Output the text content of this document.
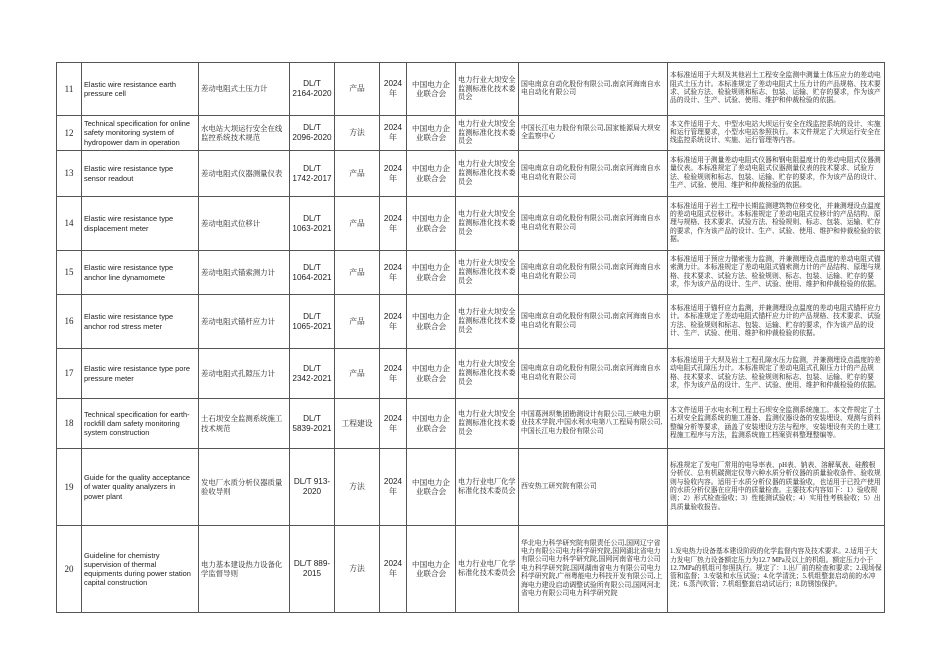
11	Elastic wire resistance earth pressure cell	差动电阻式土压力计	DL/T 2164-2020	产品	2024年	中国电力企业联合会	电力行业大坝安全监测标准化技术委员会	国电南京自动化股份有限公司,南京河海南自水电自动化有限公司	本标准适用于大坝及其他岩土工程安全监测中测量土体压应力的差动电阻式土压力计。本标准规定了差动电阻式土压力计的产品规格、技术要求、试验方法、检验规则和标志、包装、运输、贮存的要求，作为该产品的设计、生产、试验、使用、维护和仲裁检验的依据。
12	Technical specification for online safety monitoring system of hydropower dam in operation	水电站大坝运行安全在线监控系统技术规范	DL/T 2096-2020	方法	2024年	中国电力企业联合会	电力行业大坝安全监测标准化技术委员会	中国长江电力股份有限公司,国家能源局大坝安全监察中心	本文件适用于大、中型水电站大坝运行安全在线监控系统的设计、实施和运行管理要求，小型水电站参照执行。本文件规定了大坝运行安全在线监控系统设计、实施、运行管理等内容。
13	Elastic wire resistance type sensor readout	差动电阻式仪器测量仪表	DL/T 1742-2017	产品	2024年	中国电力企业联合会	电力行业大坝安全监测标准化技术委员会	国电南京自动化股份有限公司,南京河海南自水电自动化有限公司	本标准适用于测量差动电阻式仪器和钢电阻温度计的差动电阻式仪器测量仪表。本标准规定了差动电阻式仪器测量仪表的技术要求、试验方法、检验规则和标志、包装、运输、贮存的要求，作为该产品的设计、生产、试验、使用、维护和仲裁检验的依据。
14	Elastic wire resistance type displacement meter	差动电阻式位移计	DL/T 1063-2021	产品	2024年	中国电力企业联合会	电力行业大坝安全监测标准化技术委员会	国电南京自动化股份有限公司,南京河海南自水电自动化有限公司	本标准适用于岩土工程中长期监测建筑物位移变化，并兼测埋设点温度的差动电阻式位移计。本标准规定了差动电阻式位移计的产品结构、原理与规格、技术要求、试验方法、检验规则、标志、包装、运输、贮存的要求，作为该产品的设计、生产、试验、使用、维护和仲裁检验的依据。
15	Elastic wire resistance type anchor line dynamomete	差动电阻式锚索测力计	DL/T 1064-2021	产品	2024年	中国电力企业联合会	电力行业大坝安全监测标准化技术委员会	国电南京自动化股份有限公司,南京河海南自水电自动化有限公司	本标准适用于预应力锚索张力监测，并兼测埋设点温度的差动电阻式锚索测力计。本标准规定了差动电阻式锚索测力计的产品结构、原理与规格、技术要求、试验方法、检验规则、标志、包装、运输、贮存的要求，作为该产品的设计、生产、试验、使用、维护和仲裁检验的依据。
16	Elastic wire resistance type anchor rod stress meter	差动电阻式锚杆应力计	DL/T 1065-2021	产品	2024年	中国电力企业联合会	电力行业大坝安全监测标准化技术委员会	国电南京自动化股份有限公司,南京河海南自水电自动化有限公司	本标准适用于锚杆应力监测，并兼测埋设点温度的差动电阻式锚杆应力计。本标准规定了差动电阻式锚杆应力计的产品规格、技术要求、试验方法、检验规则和标志、包装、运输、贮存的要求，作为该产品的设计、生产、试验、使用、维护和仲裁检验的依据。
17	Elastic wire resistance type pore pressure meter	差动电阻式孔隙压力计	DL/T 2342-2021	产品	2024年	中国电力企业联合会	电力行业大坝安全监测标准化技术委员会	国电南京自动化股份有限公司,南京河海南自水电自动化有限公司	本标准适用于大坝及岩土工程孔隙水压力监测，并兼测埋设点温度的差动电阻式孔隙压力计。本标准规定了差动电阻式孔隙压力计的产品规格、技术要求、试验方法、检验规则和标志、包装、运输、贮存的要求，作为该产品的设计、生产、试验、使用、维护和仲裁检验的依据。
18	Technical specification for earth-rockfill dam safety monitoring system construction	土石坝安全监测系统施工技术规范	DL/T 5839-2021	工程建设	2024年	中国电力企业联合会	电力行业大坝安全监测标准化技术委员会	中国葛洲坝集团勘测设计有限公司,三峡电力职业技术学院,中国水利水电第八工程局有限公司,中国长江电力股份有限公司	本文件适用于水电水利工程土石坝安全监测系统施工。本文件规定了土石坝安全监测系统的施工准备、监测仪器设备的安装埋设、观测与资料整编分析等要求，涵盖了安装埋设方法与程序，安装埋设有关的土建工程施工程序与方法，监测系统施工档案资料整理整编等。
19	Guide for the quality acceptance of water quality analyzers in power plant	发电厂水质分析仪器质量验收导则	DL/T 913-2020	方法	2024年	中国电力企业联合会	电力行业电厂化学标准化技术委员会	西安热工研究院有限公司	标准规定了发电厂常用的电导率表、pH表、钠表、溶解氧表、硅酸根分析仪、总有机碳测定仪等六种水质分析仪器的质量验收条件、验收规则与验收内容。适用于水质分析仪器的质量验收，也适用于已投产使用的水质分析仪器在应用中的质量检查。主要技术内容如下：1）验收规则；2）形式检查验收；3）性能测试验收；4）实用性考核验收；5）出具质量验收报告。
20	Guideline for chemistry supervision of thermal equipments during power station capital construction	电力基本建设热力设备化学监督导则	DL/T 889-2015	方法	2024年	中国电力企业联合会	电力行业电厂化学标准化技术委员会	华北电力科学研究院有限责任公司,国网辽宁省电力有限公司电力科学研究院,国网湖北省电力有限公司电力科学研究院,国网河南省电力公司电力科学研究院,国网湖南省电力有限公司电力科学研究院,广州粤能电力科技开发有限公司,上海电力建设启动调整试验所有限公司,国网河北省电力有限公司电力科学研究院	1.发电热力设备基本建设阶段的化学监督内容及技术要求。2.适用于大力发电厂热力设备额定压力为12.7 MPa及以上的机组。额定压力小于12.7MPa的机组可参照执行。规定了：1.出厂前的检查和要求；2.现场保管和监督；3.安装和水压试验；4.化学清洗；5.机组整套启动前的水冲洗；6.蒸汽吹管；7.机组整套启动试运行；8.防锈蚀保护。
